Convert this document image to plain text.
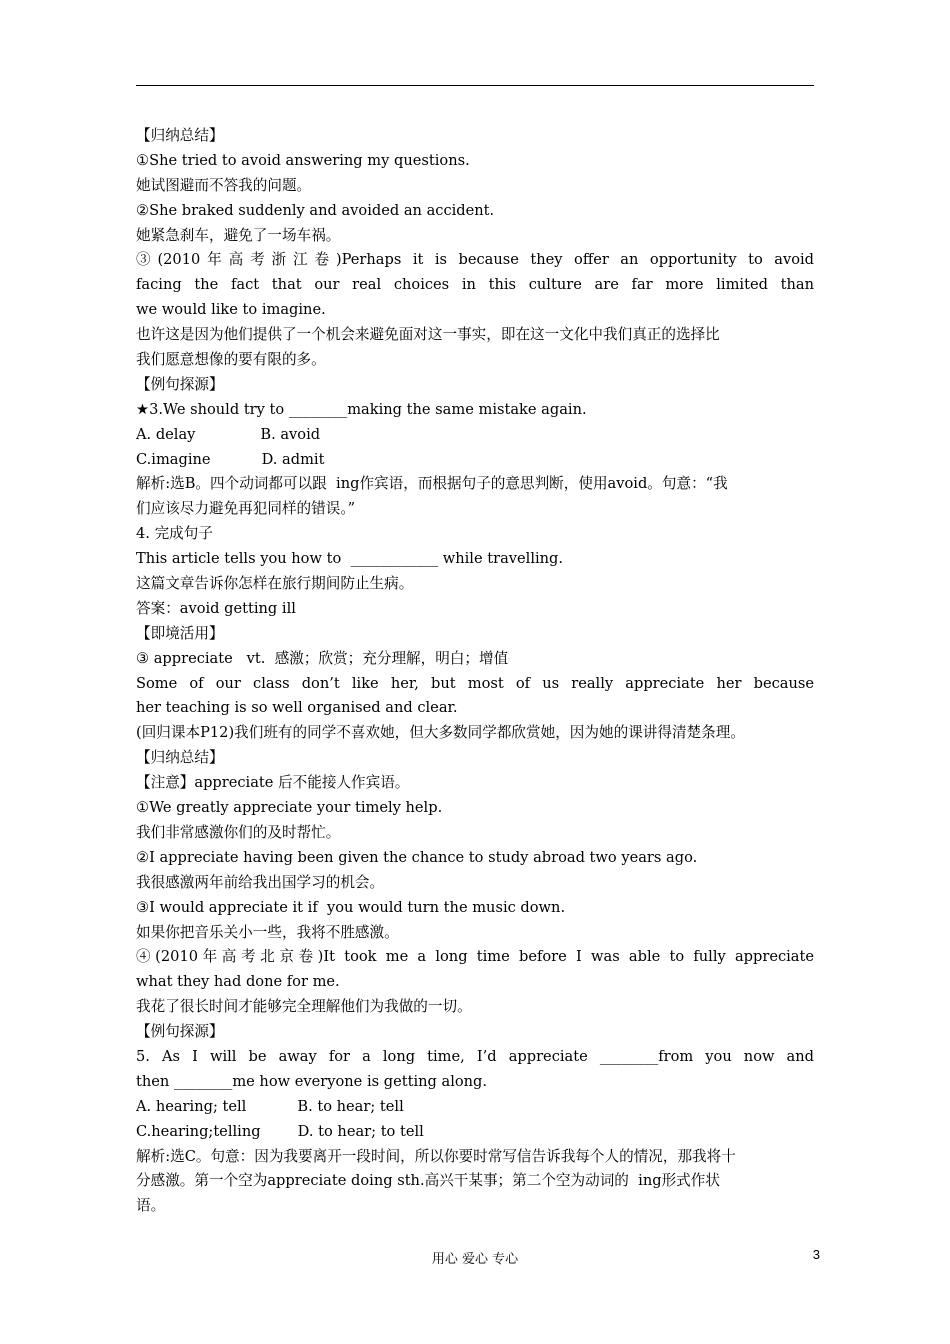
【归纳总结】
①She tried to avoid answering my questions.
她试图避而不答我的问题。
②She braked suddenly and avoided an accident.
她紧急刹车，避免了一场车祸。
③(2010年高考浙江卷)Perhaps it is because they offer an opportunity to avoid
facing the fact that our real choices in this culture are far more limited than
we would like to imagine.
也许这是因为他们提供了一个机会来避免面对这一事实，即在这一文化中我们真正的选择比
我们愿意想像的要有限的多。
【例句探源】
★3.We should try to ________making the same mistake again.
A. delay              B. avoid
C.imagine           D. admit
解析:选B。四个动词都可以跟  ing作宾语，而根据句子的意思判断，使用avoid。句意：“我
们应该尽力避免再犯同样的错误。”
4. 完成句子
This article tells you how to  ____________ while travelling.
这篇文章告诉你怎样在旅行期间防止生病。
答案：avoid getting ill
【即境活用】
③ appreciate   vt.  感激；欣赏；充分理解，明白；增值
Some of our class don’t like her, but most of us really appreciate her because
her teaching is so well organised and clear.
(回归课本P12)我们班有的同学不喜欢她，但大多数同学都欣赏她，因为她的课讲得清楚条理。
【归纳总结】
【注意】appreciate 后不能接人作宾语。
①We greatly appreciate your timely help.
我们非常感激你们的及时帮忙。
②I appreciate having been given the chance to study abroad two years ago.
我很感激两年前给我出国学习的机会。
③I would appreciate it if  you would turn the music down.
如果你把音乐关小一些，我将不胜感激。
④(2010年高考北京卷)It took me a long time before I was able to fully appreciate
what they had done for me.
我花了很长时间才能够完全理解他们为我做的一切。
【例句探源】
5. As I will be away for a long time, I’d appreciate ________from you now and
then ________me how everyone is getting along.
A. hearing; tell           B. to hear; tell
C.hearing;telling        D. to hear; to tell
解析:选C。句意：因为我要离开一段时间，所以你要时常写信告诉我每个人的情况，那我将十
分感激。第一个空为appreciate doing sth.高兴干某事；第二个空为动词的  ing形式作状
语。
用心 爱心 专心	3
